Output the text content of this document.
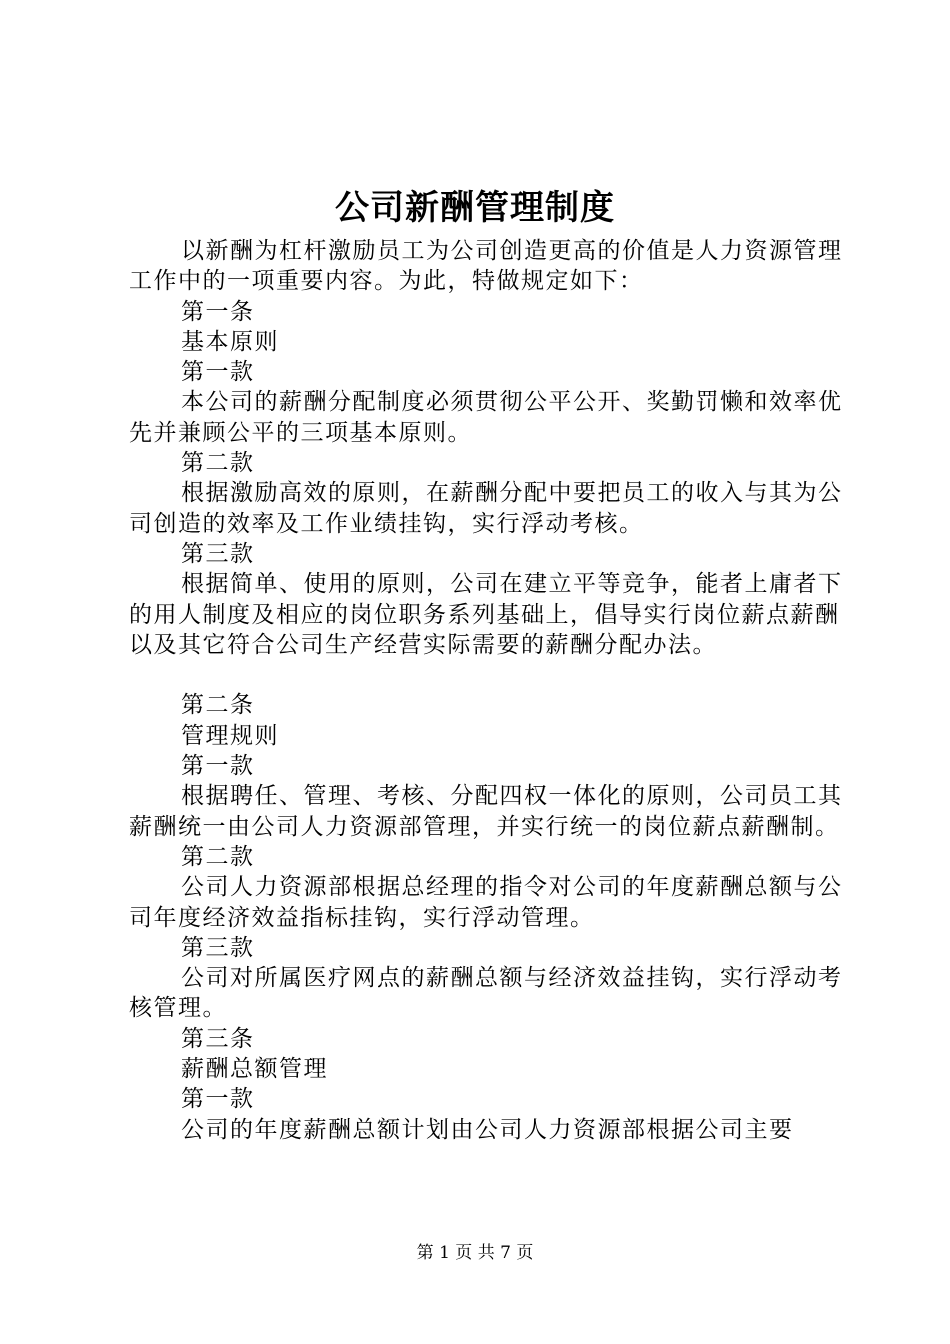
公司新酬管理制度

以新酬为杠杆激励员工为公司创造更高的价值是人力资源管理工作中的一项重要内容。为此，特做规定如下：

第一条

基本原则

第一款

本公司的薪酬分配制度必须贯彻公平公开、奖勤罚懒和效率优先并兼顾公平的三项基本原则。

第二款

根据激励高效的原则，在薪酬分配中要把员工的收入与其为公司创造的效率及工作业绩挂钩，实行浮动考核。

第三款

根据简单、使用的原则，公司在建立平等竞争，能者上庸者下的用人制度及相应的岗位职务系列基础上，倡导实行岗位薪点薪酬以及其它符合公司生产经营实际需要的薪酬分配办法。

第二条

管理规则

第一款

根据聘任、管理、考核、分配四权一体化的原则，公司员工其薪酬统一由公司人力资源部管理，并实行统一的岗位薪点薪酬制。

第二款

公司人力资源部根据总经理的指令对公司的年度薪酬总额与公司年度经济效益指标挂钩，实行浮动管理。

第三款

公司对所属医疗网点的薪酬总额与经济效益挂钩，实行浮动考核管理。

第三条

薪酬总额管理

第一款

公司的年度薪酬总额计划由公司人力资源部根据公司主要

第 1 页 共 7 页
